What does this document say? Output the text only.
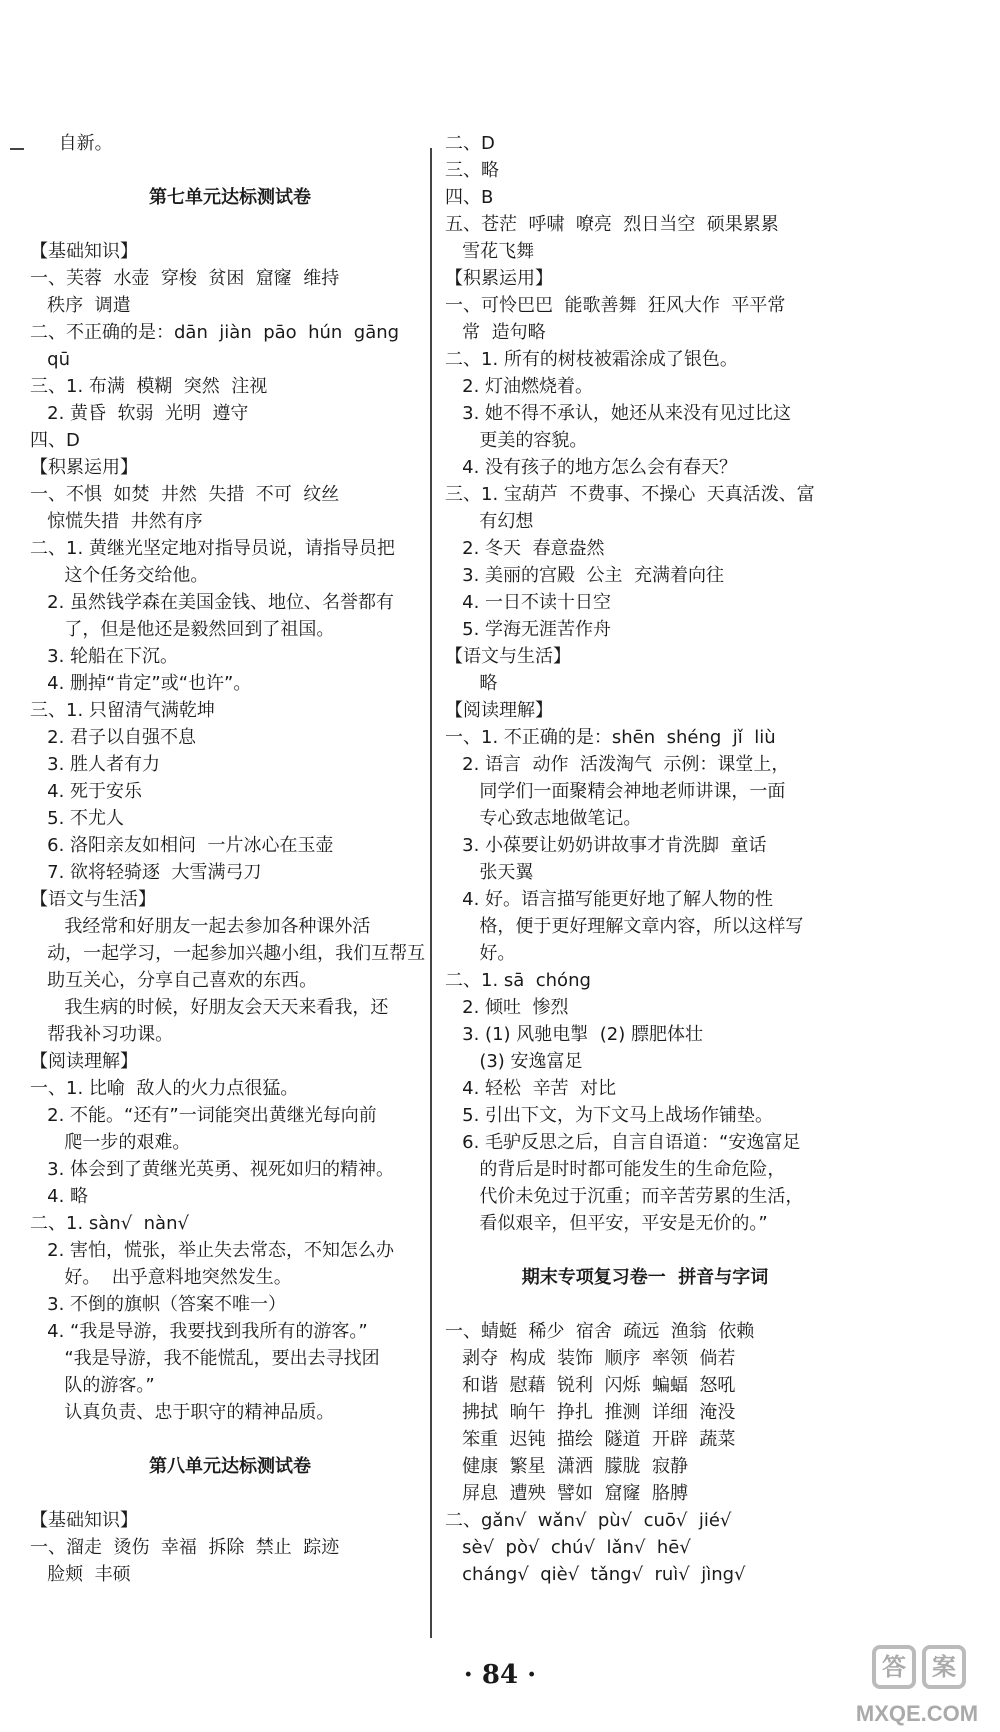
自新。
第七单元达标测试卷
【基础知识】
一、芙蓉  水壶  穿梭  贫困  窟窿  维持
秩序  调遣
二、不正确的是：dān  jiàn  pāo  hún  gāng
qū
三、1. 布满  模糊  突然  注视
2. 黄昏  软弱  光明  遵守
四、D
【积累运用】
一、不惧  如焚  井然  失措  不可  纹丝
惊慌失措  井然有序
二、1. 黄继光坚定地对指导员说，请指导员把
这个任务交给他。
2. 虽然钱学森在美国金钱、地位、名誉都有
了，但是他还是毅然回到了祖国。
3. 轮船在下沉。
4. 删掉“肯定”或“也许”。
三、1. 只留清气满乾坤
2. 君子以自强不息
3. 胜人者有力
4. 死于安乐
5. 不尤人
6. 洛阳亲友如相问  一片冰心在玉壶
7. 欲将轻骑逐  大雪满弓刀
【语文与生活】
我经常和好朋友一起去参加各种课外活
动，一起学习，一起参加兴趣小组，我们互帮互
助互关心，分享自己喜欢的东西。
我生病的时候，好朋友会天天来看我，还
帮我补习功课。
【阅读理解】
一、1. 比喻  敌人的火力点很猛。
2. 不能。“还有”一词能突出黄继光每向前
爬一步的艰难。
3. 体会到了黄继光英勇、视死如归的精神。
4. 略
二、1. sàn√  nàn√
2. 害怕，慌张，举止失去常态，不知怎么办
好。  出乎意料地突然发生。
3. 不倒的旗帜（答案不唯一）
4. “我是导游，我要找到我所有的游客。”
“我是导游，我不能慌乱，要出去寻找团
队的游客。”
认真负责、忠于职守的精神品质。
第八单元达标测试卷
【基础知识】
一、溜走  烫伤  幸福  拆除  禁止  踪迹
脸颊  丰硕
二、D
三、略
四、B
五、苍茫  呼啸  嘹亮  烈日当空  硕果累累
雪花飞舞
【积累运用】
一、可怜巴巴  能歌善舞  狂风大作  平平常
常  造句略
二、1. 所有的树枝被霜涂成了银色。
2. 灯油燃烧着。
3. 她不得不承认，她还从来没有见过比这
更美的容貌。
4. 没有孩子的地方怎么会有春天？
三、1. 宝葫芦  不费事、不操心  天真活泼、富
有幻想
2. 冬天  春意盎然
3. 美丽的宫殿  公主  充满着向往
4. 一日不读十日空
5. 学海无涯苦作舟
【语文与生活】
略
【阅读理解】
一、1. 不正确的是：shēn  shéng  jǐ  liù
2. 语言  动作  活泼淘气  示例：课堂上，
同学们一面聚精会神地老师讲课，一面
专心致志地做笔记。
3. 小葆要让奶奶讲故事才肯洗脚  童话
张天翼
4. 好。语言描写能更好地了解人物的性
格，便于更好理解文章内容，所以这样写
好。
二、1. sā  chóng
2. 倾吐  惨烈
3. (1) 风驰电掣  (2) 膘肥体壮
(3) 安逸富足
4. 轻松  辛苦  对比
5. 引出下文，为下文马上战场作铺垫。
6. 毛驴反思之后，自言自语道：“安逸富足
的背后是时时都可能发生的生命危险，
代价未免过于沉重；而辛苦劳累的生活，
看似艰辛，但平安，平安是无价的。”
期末专项复习卷一  拼音与字词
一、蜻蜓  稀少  宿舍  疏远  渔翁  依赖
剥夺  构成  装饰  顺序  率领  倘若
和谐  慰藉  锐利  闪烁  蝙蝠  怒吼
拂拭  晌午  挣扎  推测  详细  淹没
笨重  迟钝  描绘  隧道  开辟  蔬菜
健康  繁星  潇洒  朦胧  寂静
屏息  遭殃  譬如  窟窿  胳膊
二、gǎn√  wǎn√  pù√  cuō√  jié√
sè√  pò√  chú√  lǎn√  hē√
cháng√  qiè√  tǎng√  ruì√  jìng√
· 84 ·	答	案
MXQE.COM
